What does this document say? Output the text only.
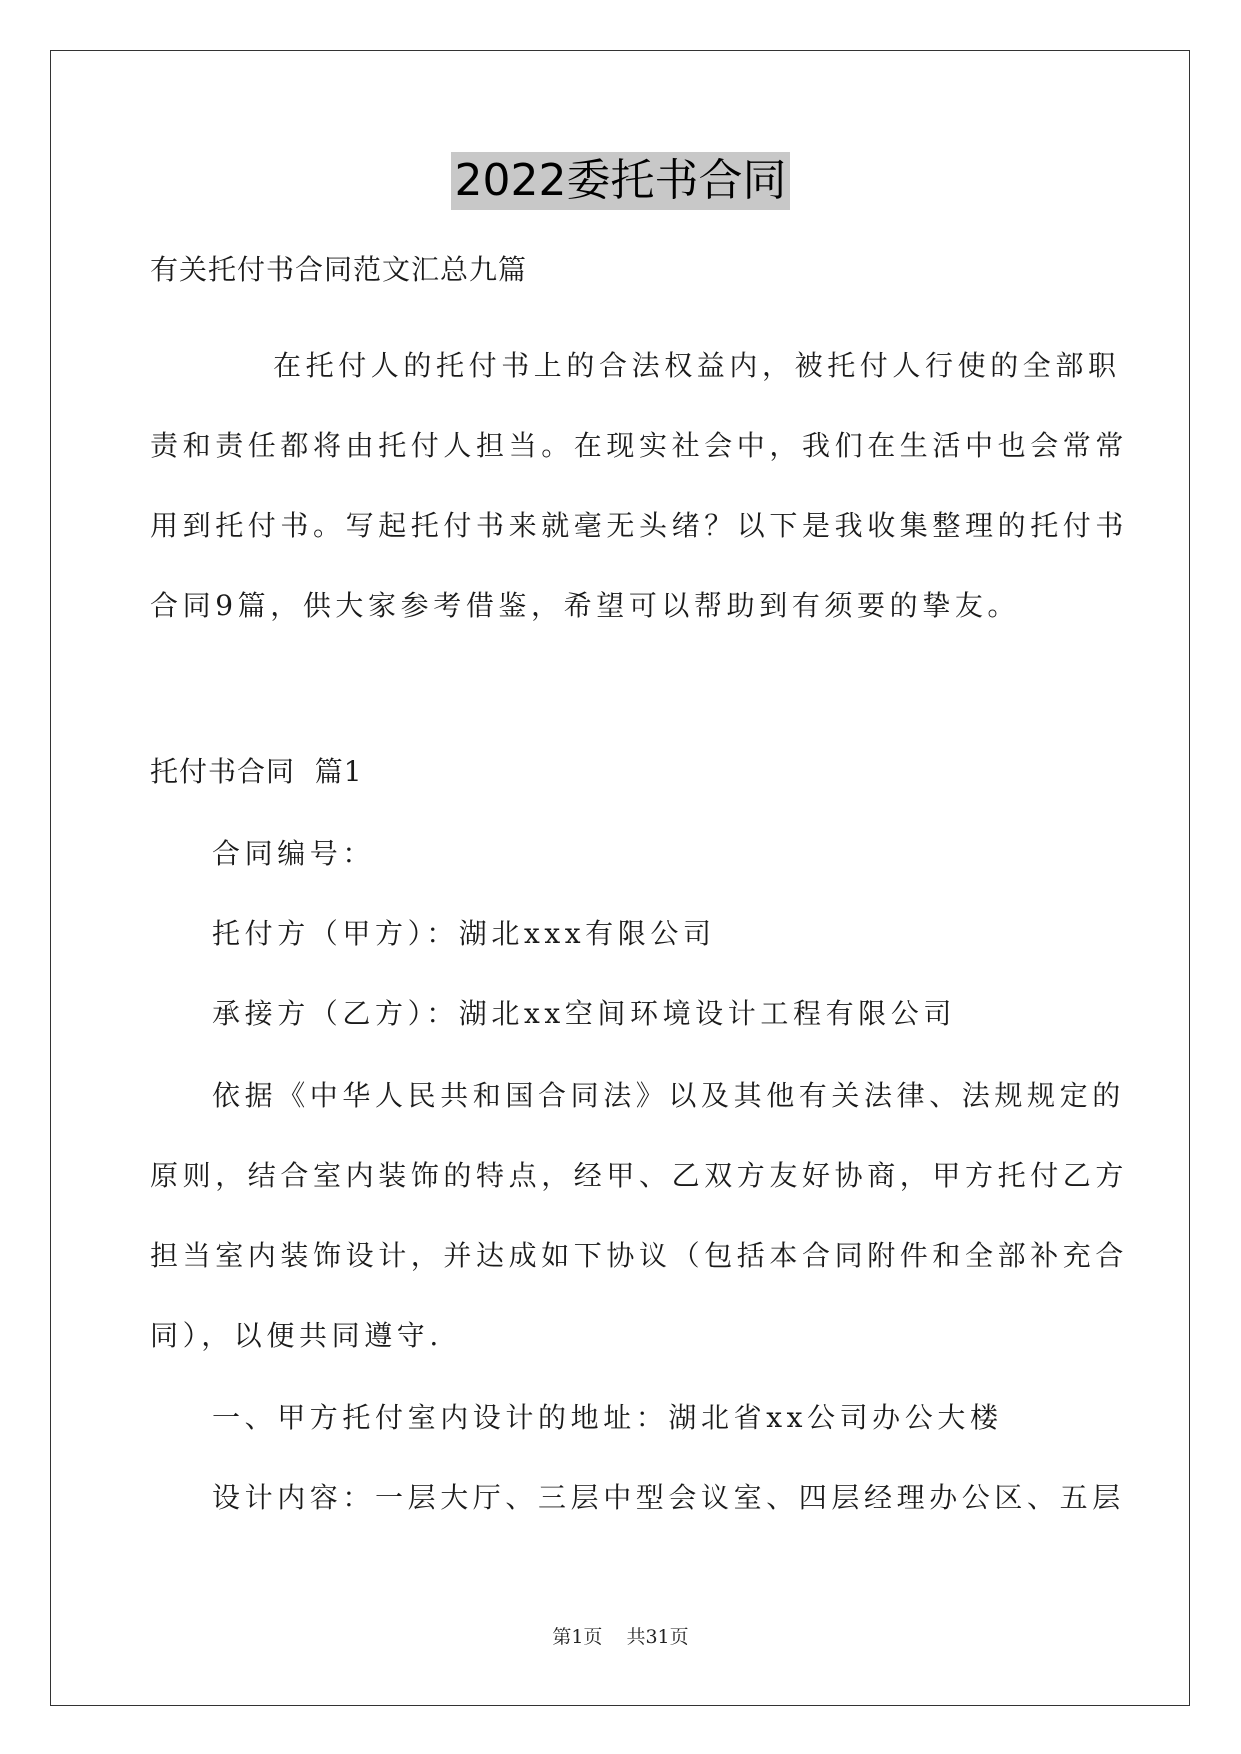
2022委托书合同
有关托付书合同范文汇总九篇
在托付人的托付书上的合法权益内，被托付人行使的全部职
责和责任都将由托付人担当。在现实社会中，我们在生活中也会常常
用到托付书。写起托付书来就毫无头绪？以下是我收集整理的托付书
合同9篇，供大家参考借鉴，希望可以帮助到有须要的挚友。
托付书合同  篇1
合同编号：
托付方（甲方）：湖北xxx有限公司
承接方（乙方）：湖北xx空间环境设计工程有限公司
依据《中华人民共和国合同法》以及其他有关法律、法规规定的
原则，结合室内装饰的特点，经甲、乙双方友好协商，甲方托付乙方
担当室内装饰设计，并达成如下协议（包括本合同附件和全部补充合
同），以便共同遵守.
一、甲方托付室内设计的地址：湖北省xx公司办公大楼
设计内容：一层大厅、三层中型会议室、四层经理办公区、五层
第1页 共31页
